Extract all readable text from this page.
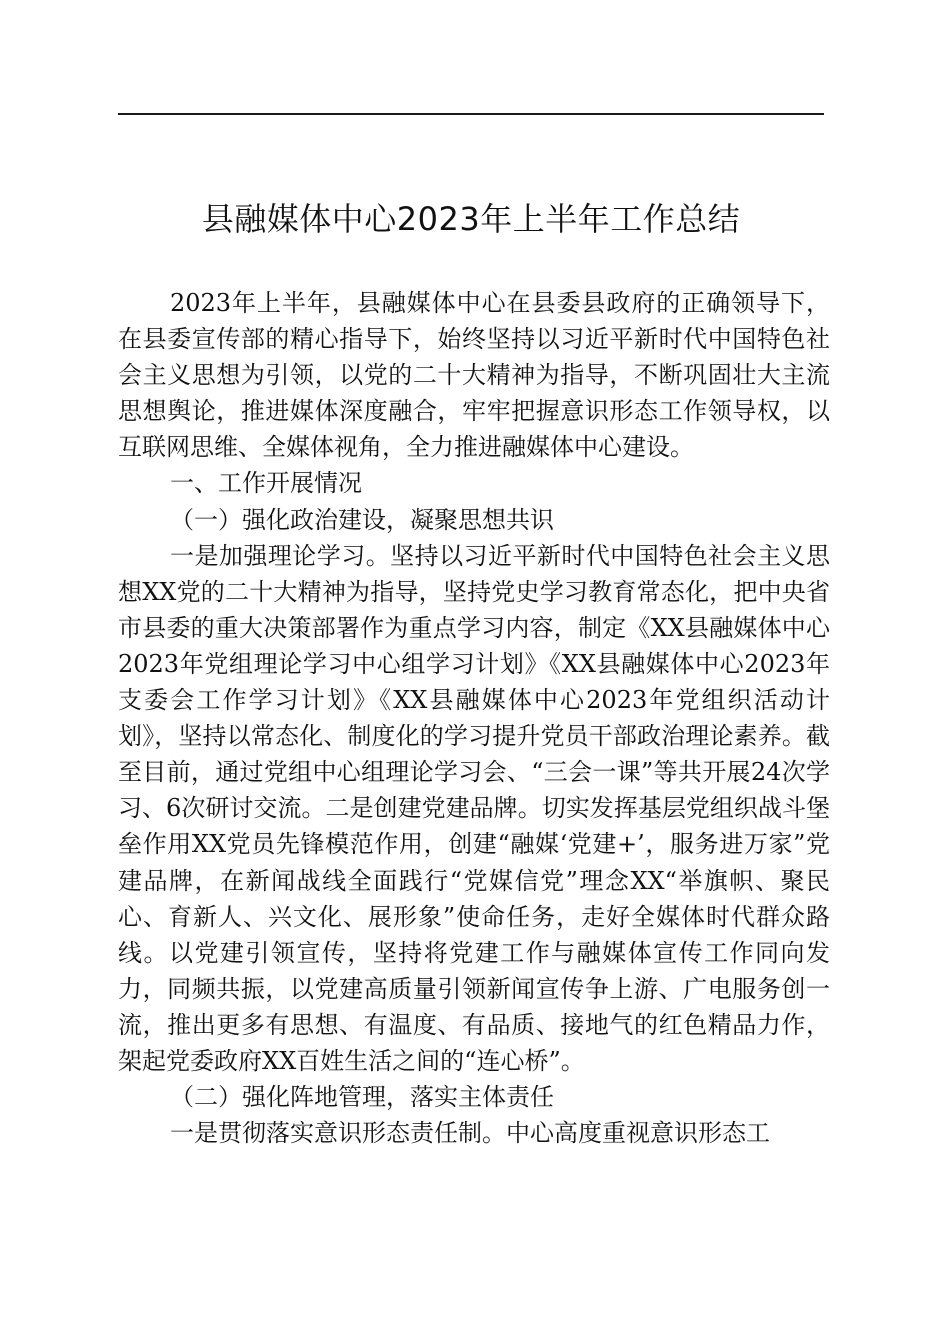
县融媒体中心2023年上半年工作总结

2023年上半年，县融媒体中心在县委县政府的正确领导下，在县委宣传部的精心指导下，始终坚持以习近平新时代中国特色社会主义思想为引领，以党的二十大精神为指导，不断巩固壮大主流思想舆论，推进媒体深度融合，牢牢把握意识形态工作领导权，以互联网思维、全媒体视角，全力推进融媒体中心建设。

一、工作开展情况

（一）强化政治建设，凝聚思想共识

一是加强理论学习。坚持以习近平新时代中国特色社会主义思想XX党的二十大精神为指导，坚持党史学习教育常态化，把中央省市县委的重大决策部署作为重点学习内容，制定《XX县融媒体中心2023年党组理论学习中心组学习计划》《XX县融媒体中心2023年支委会工作学习计划》《XX县融媒体中心2023年党组织活动计划》，坚持以常态化、制度化的学习提升党员干部政治理论素养。截至目前，通过党组中心组理论学习会、“三会一课”等共开展24次学习、6次研讨交流。二是创建党建品牌。切实发挥基层党组织战斗堡垒作用XX党员先锋模范作用，创建“融媒‘党建+’，服务进万家”党建品牌，在新闻战线全面践行“党媒信党”理念XX“举旗帜、聚民心、育新人、兴文化、展形象”使命任务，走好全媒体时代群众路线。以党建引领宣传，坚持将党建工作与融媒体宣传工作同向发力，同频共振，以党建高质量引领新闻宣传争上游、广电服务创一流，推出更多有思想、有温度、有品质、接地气的红色精品力作，架起党委政府XX百姓生活之间的“连心桥”。

（二）强化阵地管理，落实主体责任

一是贯彻落实意识形态责任制。中心高度重视意识形态工
